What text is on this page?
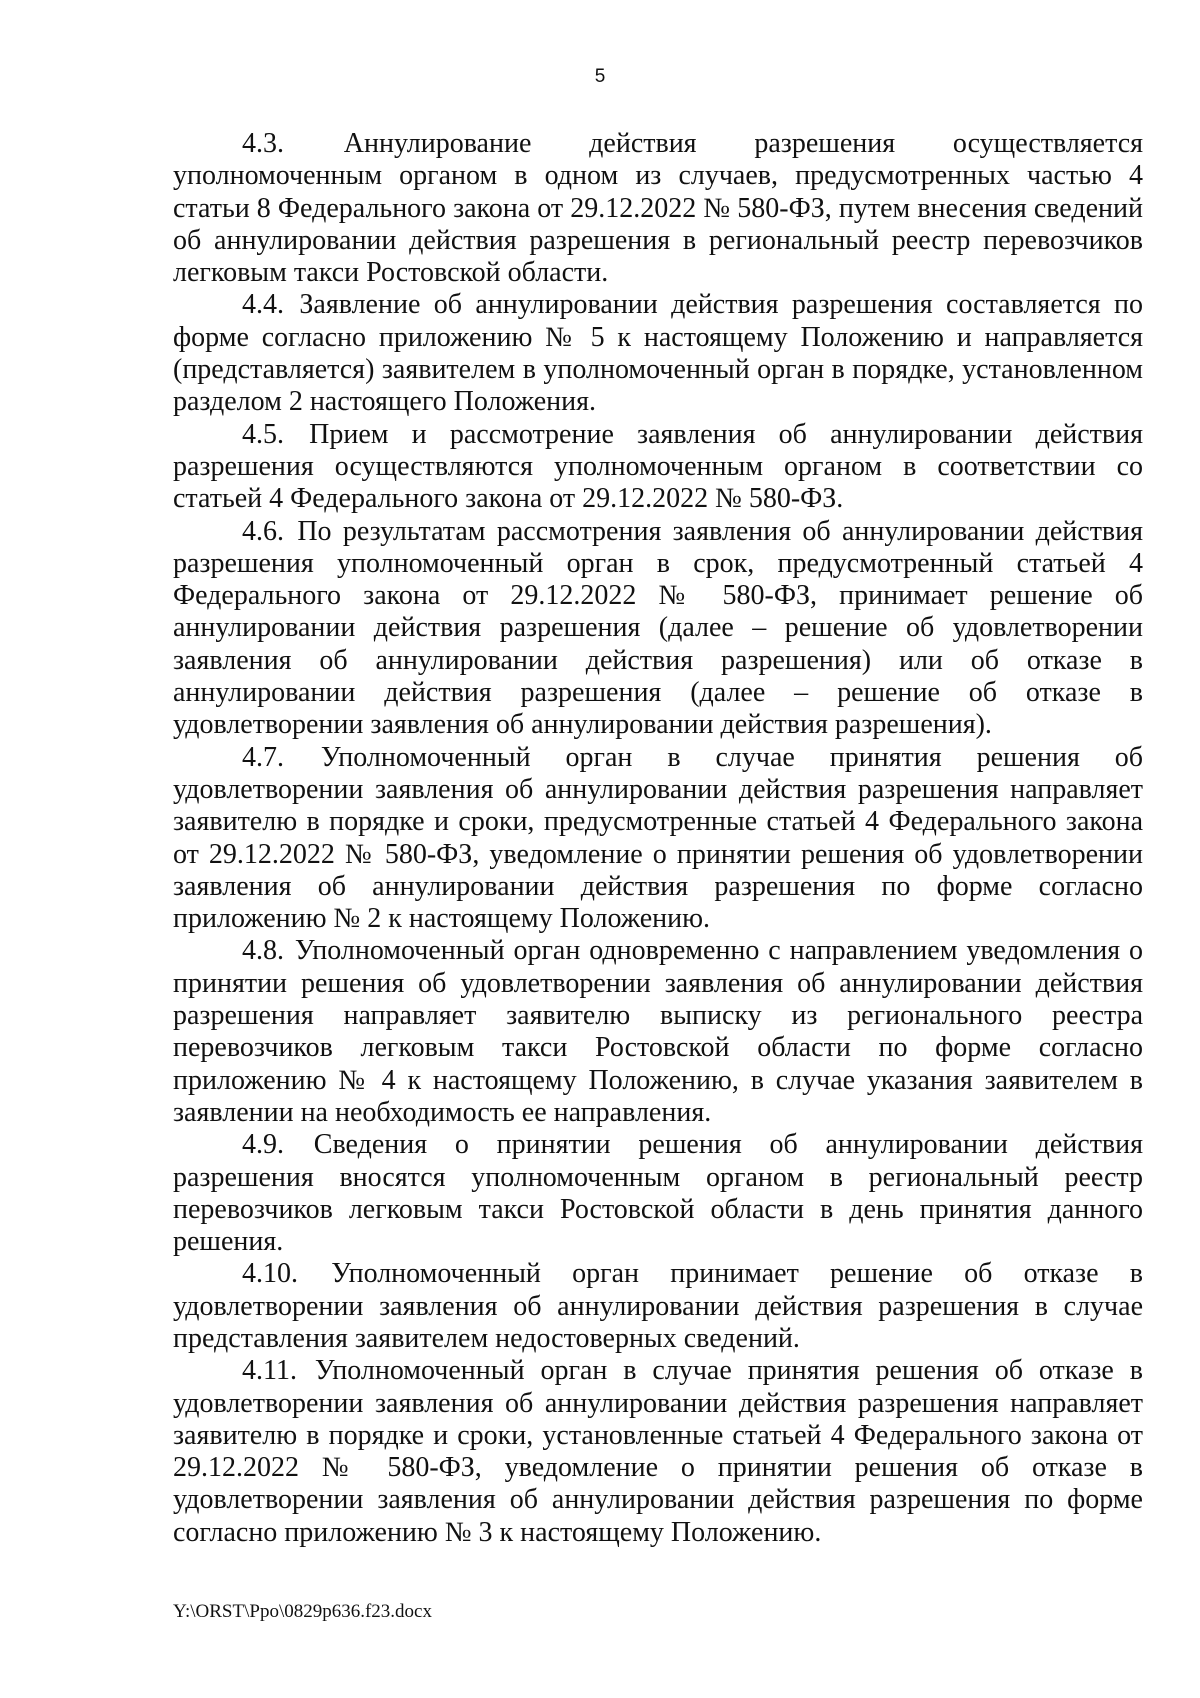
5

4.3. Аннулирование действия разрешения осуществляется уполномоченным органом в одном из случаев, предусмотренных частью 4 статьи 8 Федерального закона от 29.12.2022 № 580-ФЗ, путем внесения сведений об аннулировании действия разрешения в региональный реестр перевозчиков легковым такси Ростовской области.

4.4. Заявление об аннулировании действия разрешения составляется по форме согласно приложению № 5 к настоящему Положению и направляется (представляется) заявителем в уполномоченный орган в порядке, установленном разделом 2 настоящего Положения.

4.5. Прием и рассмотрение заявления об аннулировании действия разрешения осуществляются уполномоченным органом в соответствии со статьей 4 Федерального закона от 29.12.2022 № 580-ФЗ.

4.6. По результатам рассмотрения заявления об аннулировании действия разрешения уполномоченный орган в срок, предусмотренный статьей 4 Федерального закона от 29.12.2022 № 580-ФЗ, принимает решение об аннулировании действия разрешения (далее – решение об удовлетворении заявления об аннулировании действия разрешения) или об отказе в аннулировании действия разрешения (далее – решение об отказе в удовлетворении заявления об аннулировании действия разрешения).

4.7. Уполномоченный орган в случае принятия решения об удовлетворении заявления об аннулировании действия разрешения направляет заявителю в порядке и сроки, предусмотренные статьей 4 Федерального закона от 29.12.2022 № 580-ФЗ, уведомление о принятии решения об удовлетворении заявления об аннулировании действия разрешения по форме согласно приложению № 2 к настоящему Положению.

4.8. Уполномоченный орган одновременно с направлением уведомления о принятии решения об удовлетворении заявления об аннулировании действия разрешения направляет заявителю выписку из регионального реестра перевозчиков легковым такси Ростовской области по форме согласно приложению № 4 к настоящему Положению, в случае указания заявителем в заявлении на необходимость ее направления.

4.9. Сведения о принятии решения об аннулировании действия разрешения вносятся уполномоченным органом в региональный реестр перевозчиков легковым такси Ростовской области в день принятия данного решения.

4.10. Уполномоченный орган принимает решение об отказе в удовлетворении заявления об аннулировании действия разрешения в случае представления заявителем недостоверных сведений.

4.11. Уполномоченный орган в случае принятия решения об отказе в удовлетворении заявления об аннулировании действия разрешения направляет заявителю в порядке и сроки, установленные статьей 4 Федерального закона от 29.12.2022 № 580-ФЗ, уведомление о принятии решения об отказе в удовлетворении заявления об аннулировании действия разрешения по форме согласно приложению № 3 к настоящему Положению.

Y:\ORST\Ppo\0829p636.f23.docx
